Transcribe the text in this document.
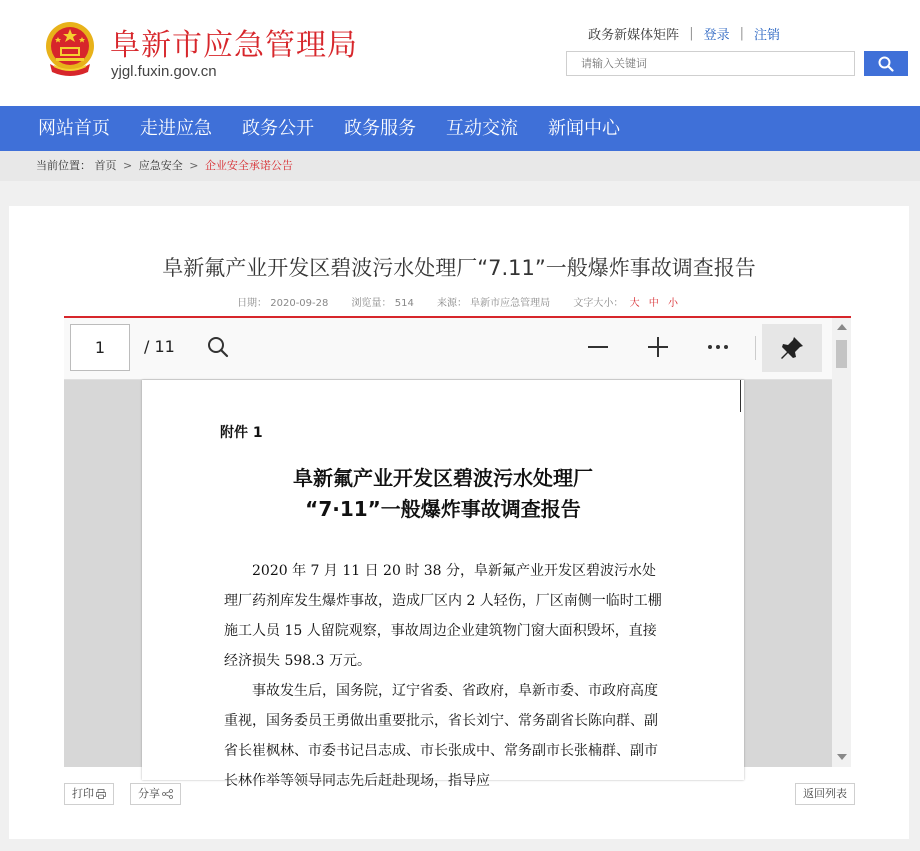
阜新市应急管理局
yjgl.fuxin.gov.cn
政务新媒体矩阵 | 登录 | 注销
请输入关键词
网站首页	走进应急	政务公开	政务服务	互动交流	新闻中心
当前位置： 首页 > 应急安全 > 企业安全承诺公告
阜新氟产业开发区碧波污水处理厂“7.11”一般爆炸事故调查报告
日期： 2020-09-28 浏览量： 514 来源： 阜新市应急管理局 文字大小： 大 中 小
1	/ 11
附件 1
阜新氟产业开发区碧波污水处理厂
“7·11”一般爆炸事故调查报告

2020 年 7 月 11 日 20 时 38 分，阜新氟产业开发区碧波污水处理厂药剂库发生爆炸事故，造成厂区内 2 人轻伤，厂区南侧一临时工棚施工人员 15 人留院观察，事故周边企业建筑物门窗大面积毁坏，直接经济损失 598.3 万元。

事故发生后，国务院，辽宁省委、省政府，阜新市委、市政府高度重视，国务委员王勇做出重要批示，省长刘宁、常务副省长陈向群、副省长崔枫林、市委书记吕志成、市长张成中、常务副市长张楠群、副市长林作举等领导同志先后赶赴现场，指导应

打印	分享	返回列表
